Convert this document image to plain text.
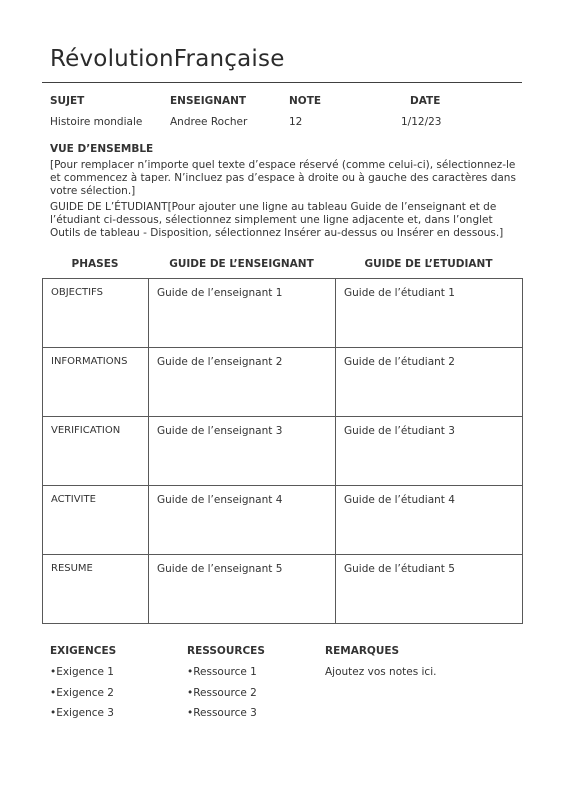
RévolutionFrançaise
SUJET	ENSEIGNANT	NOTE	DATE
Histoire mondiale	Andree Rocher	12	1/12/23
VUE D’ENSEMBLE
[Pour remplacer n’importe quel texte d’espace réservé (comme celui-ci), sélectionnez-le et commencez à taper. N’incluez pas d’espace à droite ou à gauche des caractères dans votre sélection.]
GUIDE DE L’ÉTUDIANT[Pour ajouter une ligne au tableau Guide de l’enseignant et de l’étudiant ci-dessous, sélectionnez simplement une ligne adjacente et, dans l’onglet Outils de tableau - Disposition, sélectionnez Insérer au-dessus ou Insérer en dessous.]
PHASES	GUIDE DE L’ENSEIGNANT	GUIDE DE L’ETUDIANT
OBJECTIFS	Guide de l’enseignant 1	Guide de l’étudiant 1
INFORMATIONS	Guide de l’enseignant 2	Guide de l’étudiant 2
VERIFICATION	Guide de l’enseignant 3	Guide de l’étudiant 3
ACTIVITE	Guide de l’enseignant 4	Guide de l’étudiant 4
RESUME	Guide de l’enseignant 5	Guide de l’étudiant 5
EXIGENCES
•Exigence 1
•Exigence 2
•Exigence 3
RESSOURCES
•Ressource 1
•Ressource 2
•Ressource 3
REMARQUES
Ajoutez vos notes ici.
